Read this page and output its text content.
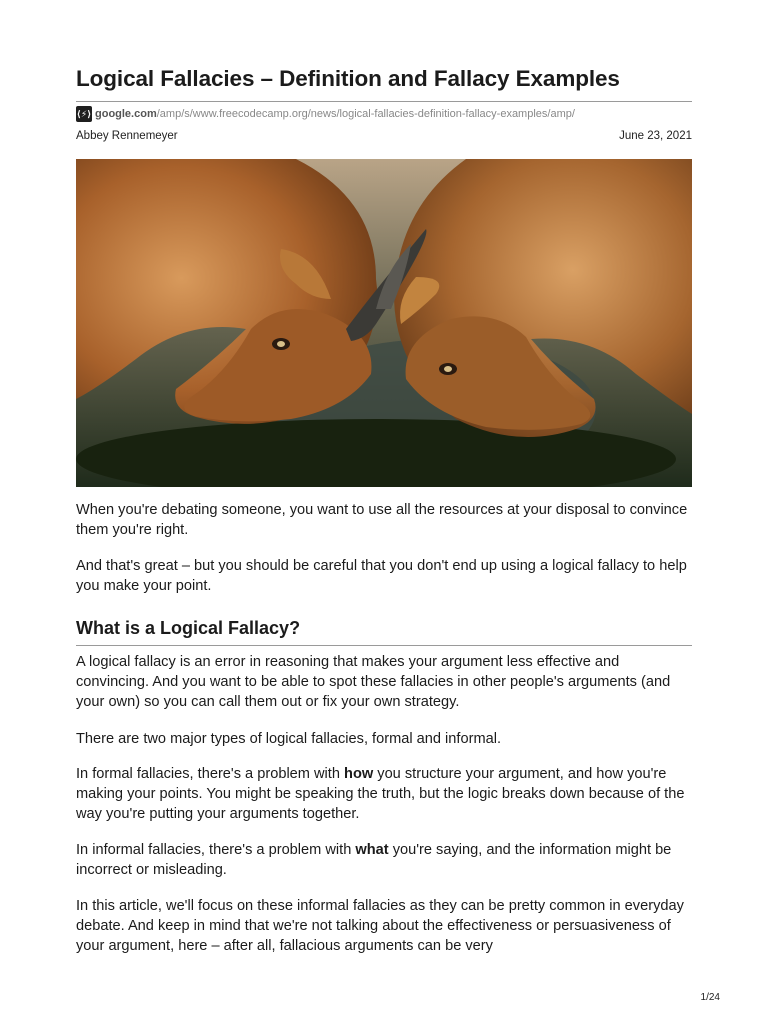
Logical Fallacies – Definition and Fallacy Examples
⟨⚡⟩ google.com /amp/s/www.freecodecamp.org/news/logical-fallacies-definition-fallacy-examples/amp/
Abbey Rennemeyer	June 23, 2021

When you're debating someone, you want to use all the resources at your disposal to convince them you're right.

And that's great – but you should be careful that you don't end up using a logical fallacy to help you make your point.

What is a Logical Fallacy?

A logical fallacy is an error in reasoning that makes your argument less effective and convincing. And you want to be able to spot these fallacies in other people's arguments (and your own) so you can call them out or fix your own strategy.

There are two major types of logical fallacies, formal and informal.

In formal fallacies, there's a problem with how you structure your argument, and how you're making your points. You might be speaking the truth, but the logic breaks down because of the way you're putting your arguments together.

In informal fallacies, there's a problem with what you're saying, and the information might be incorrect or misleading.

In this article, we'll focus on these informal fallacies as they can be pretty common in everyday debate. And keep in mind that we're not talking about the effectiveness or persuasiveness of your argument, here – after all, fallacious arguments can be very

1/24
